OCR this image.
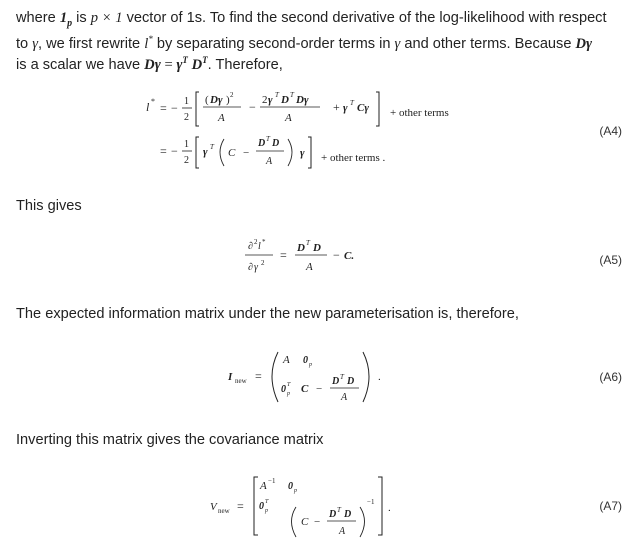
where $1_p$ is p × 1 vector of 1s. To find the second derivative of the log-likelihood with respect
to γ, we first rewrite l* by separating second-order terms in γ and other terms. Because Dγ
is a scalar we have $D\gamma = \gamma^T$ $D^T$. Therefore,
l * = − 1
2
( Dγ ) 2
A
− 2 γ T D T Dγ
A
+ γ T Cγ + other terms
= − 1
2
γ T C −
D T D
A
γ + other terms .
(A4)
This gives
∂ 2 l *
∂ γ 2
= D T D
A
− C.	(A5)
The expected information matrix under the new parameterisation is, therefore,
I new =
A 0 p
0 T
p C −
D T D
A
.	(A6)
Inverting this matrix gives the covariance matrix
V new =
A −1 0 p
0 T
p
C −
D T D
A
−1 .	(A7)
